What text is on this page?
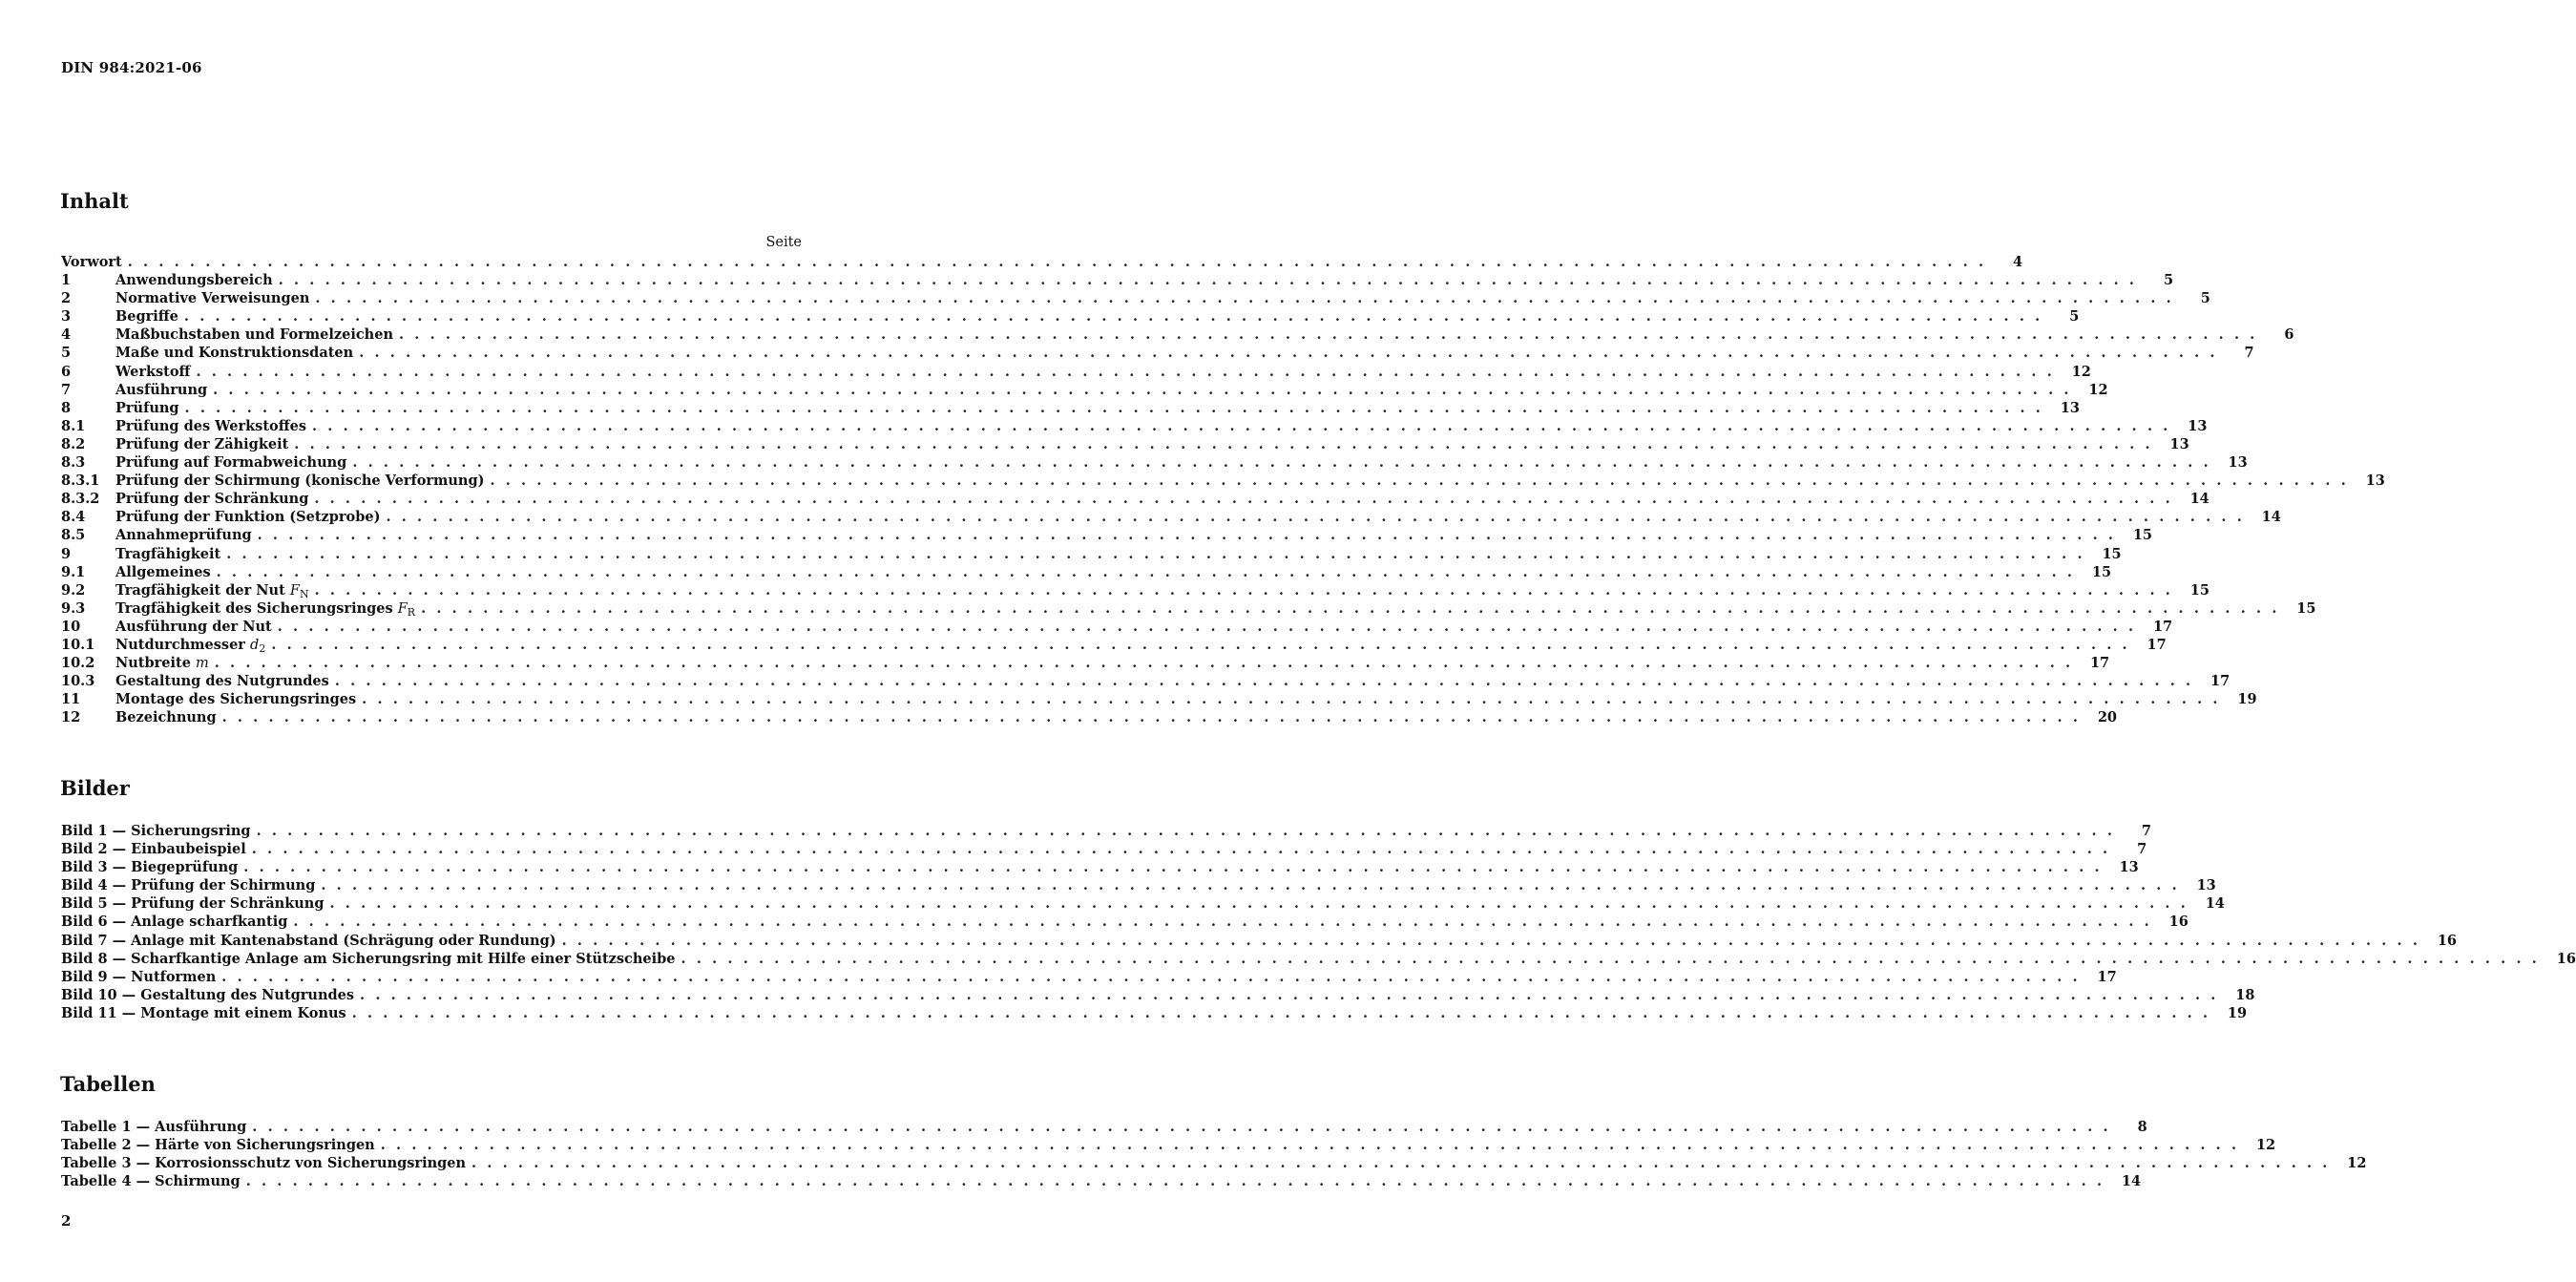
DIN 984:2021-06
Inhalt
Seite
Vorwort . . . . . . . . . . . . . . . . . . . . . . . . . . . . . . . . . . . . . . . . . . . . . . . . . . . . . . . . . . . . . . . . . . . . . . . . . . . . . . . . . . . . . . . . . . . . . . . . . . . . . . . . . . . . . . . . . . . . . . . .	4
1	Anwendungsbereich . . . . . . . . . . . . . . . . . . . . . . . . . . . . . . . . . . . . . . . . . . . . . . . . . . . . . . . . . . . . . . . . . . . . . . . . . . . . . . . . . . . . . . . . . . . . . . . . . . . . . . . . . . . . . . . . . . . . . . . .	5
2	Normative Verweisungen . . . . . . . . . . . . . . . . . . . . . . . . . . . . . . . . . . . . . . . . . . . . . . . . . . . . . . . . . . . . . . . . . . . . . . . . . . . . . . . . . . . . . . . . . . . . . . . . . . . . . . . . . . . . . . . . . . . . . . . .	5
3	Begriffe . . . . . . . . . . . . . . . . . . . . . . . . . . . . . . . . . . . . . . . . . . . . . . . . . . . . . . . . . . . . . . . . . . . . . . . . . . . . . . . . . . . . . . . . . . . . . . . . . . . . . . . . . . . . . . . . . . . . . . . .	5
4	Maßbuchstaben und Formelzeichen . . . . . . . . . . . . . . . . . . . . . . . . . . . . . . . . . . . . . . . . . . . . . . . . . . . . . . . . . . . . . . . . . . . . . . . . . . . . . . . . . . . . . . . . . . . . . . . . . . . . . . . . . . . . . . . . . . . . . . . .	6
5	Maße und Konstruktionsdaten . . . . . . . . . . . . . . . . . . . . . . . . . . . . . . . . . . . . . . . . . . . . . . . . . . . . . . . . . . . . . . . . . . . . . . . . . . . . . . . . . . . . . . . . . . . . . . . . . . . . . . . . . . . . . . . . . . . . . . . .	7
6	Werkstoff . . . . . . . . . . . . . . . . . . . . . . . . . . . . . . . . . . . . . . . . . . . . . . . . . . . . . . . . . . . . . . . . . . . . . . . . . . . . . . . . . . . . . . . . . . . . . . . . . . . . . . . . . . . . . . . . . . . . . . . .	12
7	Ausführung . . . . . . . . . . . . . . . . . . . . . . . . . . . . . . . . . . . . . . . . . . . . . . . . . . . . . . . . . . . . . . . . . . . . . . . . . . . . . . . . . . . . . . . . . . . . . . . . . . . . . . . . . . . . . . . . . . . . . . . .	12
8	Prüfung . . . . . . . . . . . . . . . . . . . . . . . . . . . . . . . . . . . . . . . . . . . . . . . . . . . . . . . . . . . . . . . . . . . . . . . . . . . . . . . . . . . . . . . . . . . . . . . . . . . . . . . . . . . . . . . . . . . . . . . .	13
8.1	Prüfung des Werkstoffes . . . . . . . . . . . . . . . . . . . . . . . . . . . . . . . . . . . . . . . . . . . . . . . . . . . . . . . . . . . . . . . . . . . . . . . . . . . . . . . . . . . . . . . . . . . . . . . . . . . . . . . . . . . . . . . . . . . . . . . .	13
8.2	Prüfung der Zähigkeit . . . . . . . . . . . . . . . . . . . . . . . . . . . . . . . . . . . . . . . . . . . . . . . . . . . . . . . . . . . . . . . . . . . . . . . . . . . . . . . . . . . . . . . . . . . . . . . . . . . . . . . . . . . . . . . . . . . . . . . .	13
8.3	Prüfung auf Formabweichung . . . . . . . . . . . . . . . . . . . . . . . . . . . . . . . . . . . . . . . . . . . . . . . . . . . . . . . . . . . . . . . . . . . . . . . . . . . . . . . . . . . . . . . . . . . . . . . . . . . . . . . . . . . . . . . . . . . . . . . .	13
8.3.1	Prüfung der Schirmung (konische Verformung) . . . . . . . . . . . . . . . . . . . . . . . . . . . . . . . . . . . . . . . . . . . . . . . . . . . . . . . . . . . . . . . . . . . . . . . . . . . . . . . . . . . . . . . . . . . . . . . . . . . . . . . . . . . . . . . . . . . . . . . .	13
8.3.2	Prüfung der Schränkung . . . . . . . . . . . . . . . . . . . . . . . . . . . . . . . . . . . . . . . . . . . . . . . . . . . . . . . . . . . . . . . . . . . . . . . . . . . . . . . . . . . . . . . . . . . . . . . . . . . . . . . . . . . . . . . . . . . . . . . .	14
8.4	Prüfung der Funktion (Setzprobe) . . . . . . . . . . . . . . . . . . . . . . . . . . . . . . . . . . . . . . . . . . . . . . . . . . . . . . . . . . . . . . . . . . . . . . . . . . . . . . . . . . . . . . . . . . . . . . . . . . . . . . . . . . . . . . . . . . . . . . . .	14
8.5	Annahmeprüfung . . . . . . . . . . . . . . . . . . . . . . . . . . . . . . . . . . . . . . . . . . . . . . . . . . . . . . . . . . . . . . . . . . . . . . . . . . . . . . . . . . . . . . . . . . . . . . . . . . . . . . . . . . . . . . . . . . . . . . . .	15
9	Tragfähigkeit . . . . . . . . . . . . . . . . . . . . . . . . . . . . . . . . . . . . . . . . . . . . . . . . . . . . . . . . . . . . . . . . . . . . . . . . . . . . . . . . . . . . . . . . . . . . . . . . . . . . . . . . . . . . . . . . . . . . . . . .	15
9.1	Allgemeines . . . . . . . . . . . . . . . . . . . . . . . . . . . . . . . . . . . . . . . . . . . . . . . . . . . . . . . . . . . . . . . . . . . . . . . . . . . . . . . . . . . . . . . . . . . . . . . . . . . . . . . . . . . . . . . . . . . . . . . .	15
9.2	Tragfähigkeit der Nut $F_N$ . . . . . . . . . . . . . . . . . . . . . . . . . . . . . . . . . . . . . . . . . . . . . . . . . . . . . . . . . . . . . . . . . . . . . . . . . . . . . . . . . . . . . . . . . . . . . . . . . . . . . . . . . . . . . . . . . . . . . . . .	15
9.3	Tragfähigkeit des Sicherungsringes $F_R$ . . . . . . . . . . . . . . . . . . . . . . . . . . . . . . . . . . . . . . . . . . . . . . . . . . . . . . . . . . . . . . . . . . . . . . . . . . . . . . . . . . . . . . . . . . . . . . . . . . . . . . . . . . . . . . . . . . . . . . . .	15
10	Ausführung der Nut . . . . . . . . . . . . . . . . . . . . . . . . . . . . . . . . . . . . . . . . . . . . . . . . . . . . . . . . . . . . . . . . . . . . . . . . . . . . . . . . . . . . . . . . . . . . . . . . . . . . . . . . . . . . . . . . . . . . . . . .	17
10.1	Nutdurchmesser $d_2$ . . . . . . . . . . . . . . . . . . . . . . . . . . . . . . . . . . . . . . . . . . . . . . . . . . . . . . . . . . . . . . . . . . . . . . . . . . . . . . . . . . . . . . . . . . . . . . . . . . . . . . . . . . . . . . . . . . . . . . . .	17
10.2	Nutbreite m . . . . . . . . . . . . . . . . . . . . . . . . . . . . . . . . . . . . . . . . . . . . . . . . . . . . . . . . . . . . . . . . . . . . . . . . . . . . . . . . . . . . . . . . . . . . . . . . . . . . . . . . . . . . . . . . . . . . . . . .	17
10.3	Gestaltung des Nutgrundes . . . . . . . . . . . . . . . . . . . . . . . . . . . . . . . . . . . . . . . . . . . . . . . . . . . . . . . . . . . . . . . . . . . . . . . . . . . . . . . . . . . . . . . . . . . . . . . . . . . . . . . . . . . . . . . . . . . . . . . .	17
11	Montage des Sicherungsringes . . . . . . . . . . . . . . . . . . . . . . . . . . . . . . . . . . . . . . . . . . . . . . . . . . . . . . . . . . . . . . . . . . . . . . . . . . . . . . . . . . . . . . . . . . . . . . . . . . . . . . . . . . . . . . . . . . . . . . . .	19
12	Bezeichnung . . . . . . . . . . . . . . . . . . . . . . . . . . . . . . . . . . . . . . . . . . . . . . . . . . . . . . . . . . . . . . . . . . . . . . . . . . . . . . . . . . . . . . . . . . . . . . . . . . . . . . . . . . . . . . . . . . . . . . . .	20
Bilder
Bild 1 — Sicherungsring . . . . . . . . . . . . . . . . . . . . . . . . . . . . . . . . . . . . . . . . . . . . . . . . . . . . . . . . . . . . . . . . . . . . . . . . . . . . . . . . . . . . . . . . . . . . . . . . . . . . . . . . . . . . . . . . . . . . . . . .	7
Bild 2 — Einbaubeispiel . . . . . . . . . . . . . . . . . . . . . . . . . . . . . . . . . . . . . . . . . . . . . . . . . . . . . . . . . . . . . . . . . . . . . . . . . . . . . . . . . . . . . . . . . . . . . . . . . . . . . . . . . . . . . . . . . . . . . . . .	7
Bild 3 — Biegeprüfung . . . . . . . . . . . . . . . . . . . . . . . . . . . . . . . . . . . . . . . . . . . . . . . . . . . . . . . . . . . . . . . . . . . . . . . . . . . . . . . . . . . . . . . . . . . . . . . . . . . . . . . . . . . . . . . . . . . . . . . .	13
Bild 4 — Prüfung der Schirmung . . . . . . . . . . . . . . . . . . . . . . . . . . . . . . . . . . . . . . . . . . . . . . . . . . . . . . . . . . . . . . . . . . . . . . . . . . . . . . . . . . . . . . . . . . . . . . . . . . . . . . . . . . . . . . . . . . . . . . . .	13
Bild 5 — Prüfung der Schränkung . . . . . . . . . . . . . . . . . . . . . . . . . . . . . . . . . . . . . . . . . . . . . . . . . . . . . . . . . . . . . . . . . . . . . . . . . . . . . . . . . . . . . . . . . . . . . . . . . . . . . . . . . . . . . . . . . . . . . . . .	14
Bild 6 — Anlage scharfkantig . . . . . . . . . . . . . . . . . . . . . . . . . . . . . . . . . . . . . . . . . . . . . . . . . . . . . . . . . . . . . . . . . . . . . . . . . . . . . . . . . . . . . . . . . . . . . . . . . . . . . . . . . . . . . . . . . . . . . . . .	16
Bild 7 — Anlage mit Kantenabstand (Schrägung oder Rundung) . . . . . . . . . . . . . . . . . . . . . . . . . . . . . . . . . . . . . . . . . . . . . . . . . . . . . . . . . . . . . . . . . . . . . . . . . . . . . . . . . . . . . . . . . . . . . . . . . . . . . . . . . . . . . . . . . . . . . . . .	16
Bild 8 — Scharfkantige Anlage am Sicherungsring mit Hilfe einer Stützscheibe . . . . . . . . . . . . . . . . . . . . . . . . . . . . . . . . . . . . . . . . . . . . . . . . . . . . . . . . . . . . . . . . . . . . . . . . . . . . . . . . . . . . . . . . . . . . . . . . . . . . . . . . . . . . . . . . . . . . . . . .	16
Bild 9 — Nutformen . . . . . . . . . . . . . . . . . . . . . . . . . . . . . . . . . . . . . . . . . . . . . . . . . . . . . . . . . . . . . . . . . . . . . . . . . . . . . . . . . . . . . . . . . . . . . . . . . . . . . . . . . . . . . . . . . . . . . . . .	17
Bild 10 — Gestaltung des Nutgrundes . . . . . . . . . . . . . . . . . . . . . . . . . . . . . . . . . . . . . . . . . . . . . . . . . . . . . . . . . . . . . . . . . . . . . . . . . . . . . . . . . . . . . . . . . . . . . . . . . . . . . . . . . . . . . . . . . . . . . . . .	18
Bild 11 — Montage mit einem Konus . . . . . . . . . . . . . . . . . . . . . . . . . . . . . . . . . . . . . . . . . . . . . . . . . . . . . . . . . . . . . . . . . . . . . . . . . . . . . . . . . . . . . . . . . . . . . . . . . . . . . . . . . . . . . . . . . . . . . . . .	19
Tabellen
Tabelle 1 — Ausführung . . . . . . . . . . . . . . . . . . . . . . . . . . . . . . . . . . . . . . . . . . . . . . . . . . . . . . . . . . . . . . . . . . . . . . . . . . . . . . . . . . . . . . . . . . . . . . . . . . . . . . . . . . . . . . . . . . . . . . . .	8
Tabelle 2 — Härte von Sicherungsringen . . . . . . . . . . . . . . . . . . . . . . . . . . . . . . . . . . . . . . . . . . . . . . . . . . . . . . . . . . . . . . . . . . . . . . . . . . . . . . . . . . . . . . . . . . . . . . . . . . . . . . . . . . . . . . . . . . . . . . . .	12
Tabelle 3 — Korrosionsschutz von Sicherungsringen . . . . . . . . . . . . . . . . . . . . . . . . . . . . . . . . . . . . . . . . . . . . . . . . . . . . . . . . . . . . . . . . . . . . . . . . . . . . . . . . . . . . . . . . . . . . . . . . . . . . . . . . . . . . . . . . . . . . . . . .	12
Tabelle 4 — Schirmung . . . . . . . . . . . . . . . . . . . . . . . . . . . . . . . . . . . . . . . . . . . . . . . . . . . . . . . . . . . . . . . . . . . . . . . . . . . . . . . . . . . . . . . . . . . . . . . . . . . . . . . . . . . . . . . . . . . . . . . .	14
2
